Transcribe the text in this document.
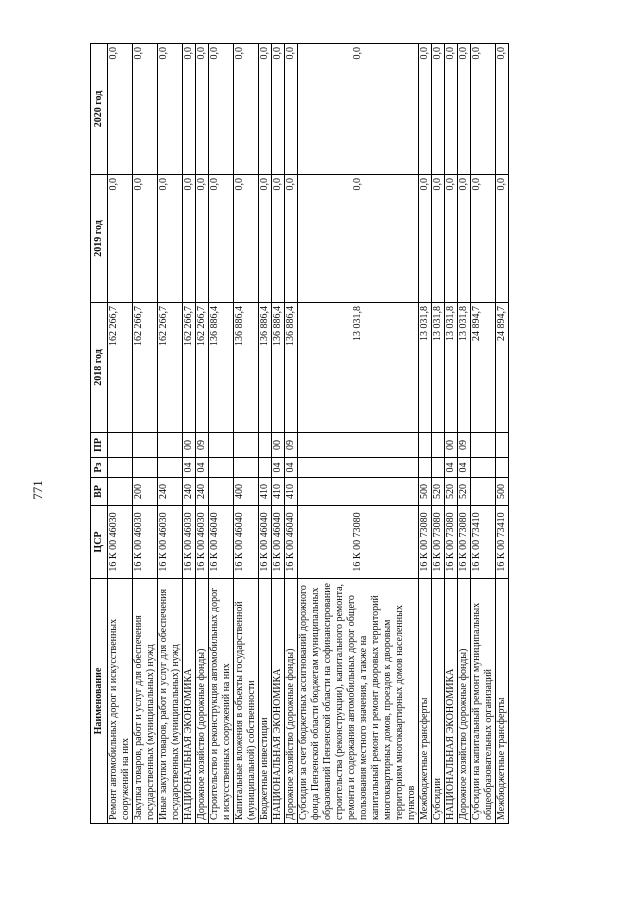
771
Наименование	ЦСР	ВР	Рз	ПР	2018 год	2019 год	2020 год
Ремонт автомобильных дорог и искусственных сооружений на них	16 К 00 46030				162 266,7	0,0	0,0
Закупка товаров, работ и услуг для обеспечения государственных (муниципальных) нужд	16 К 00 46030	200			162 266,7	0,0	0,0
Иные закупки товаров, работ и услуг для обеспечения государственных (муниципальных) нужд	16 К 00 46030	240			162 266,7	0,0	0,0
НАЦИОНАЛЬНАЯ ЭКОНОМИКА	16 К 00 46030	240	04	00	162 266,7	0,0	0,0
Дорожное хозяйство (дорожные фонды)	16 К 00 46030	240	04	09	162 266,7	0,0	0,0
Строительство и реконструкция автомобильных дорог и искусственных сооружений на них	16 К 00 46040				136 886,4	0,0	0,0
Капитальные вложения в объекты государственной (муниципальной) собственности	16 К 00 46040	400			136 886,4	0,0	0,0
Бюджетные инвестиции	16 К 00 46040	410			136 886,4	0,0	0,0
НАЦИОНАЛЬНАЯ ЭКОНОМИКА	16 К 00 46040	410	04	00	136 886,4	0,0	0,0
Дорожное хозяйство (дорожные фонды)	16 К 00 46040	410	04	09	136 886,4	0,0	0,0
Субсидии за счет бюджетных ассигнований дорожного фонда Пензенской области бюджетам муниципальных образований Пензенской области на софинансирование строительства (реконструкции), капитального ремонта, ремонта и содержания автомобильных дорог общего пользования местного значения, а также на капитальный ремонт и ремонт дворовых территорий многоквартирных домов, проездов к дворовым территориям многоквартирных домов населенных пунктов	16 К 00 73080				13 031,8	0,0	0,0
Межбюджетные трансферты	16 К 00 73080	500			13 031,8	0,0	0,0
Субсидии	16 К 00 73080	520			13 031,8	0,0	0,0
НАЦИОНАЛЬНАЯ ЭКОНОМИКА	16 К 00 73080	520	04	00	13 031,8	0,0	0,0
Дорожное хозяйство (дорожные фонды)	16 К 00 73080	520	04	09	13 031,8	0,0	0,0
Субсидии на капитальный ремонт муниципальных общеобразовательных организаций	16 К 00 73410				24 894,7	0,0	0,0
Межбюджетные трансферты	16 К 00 73410	500			24 894,7	0,0	0,0
